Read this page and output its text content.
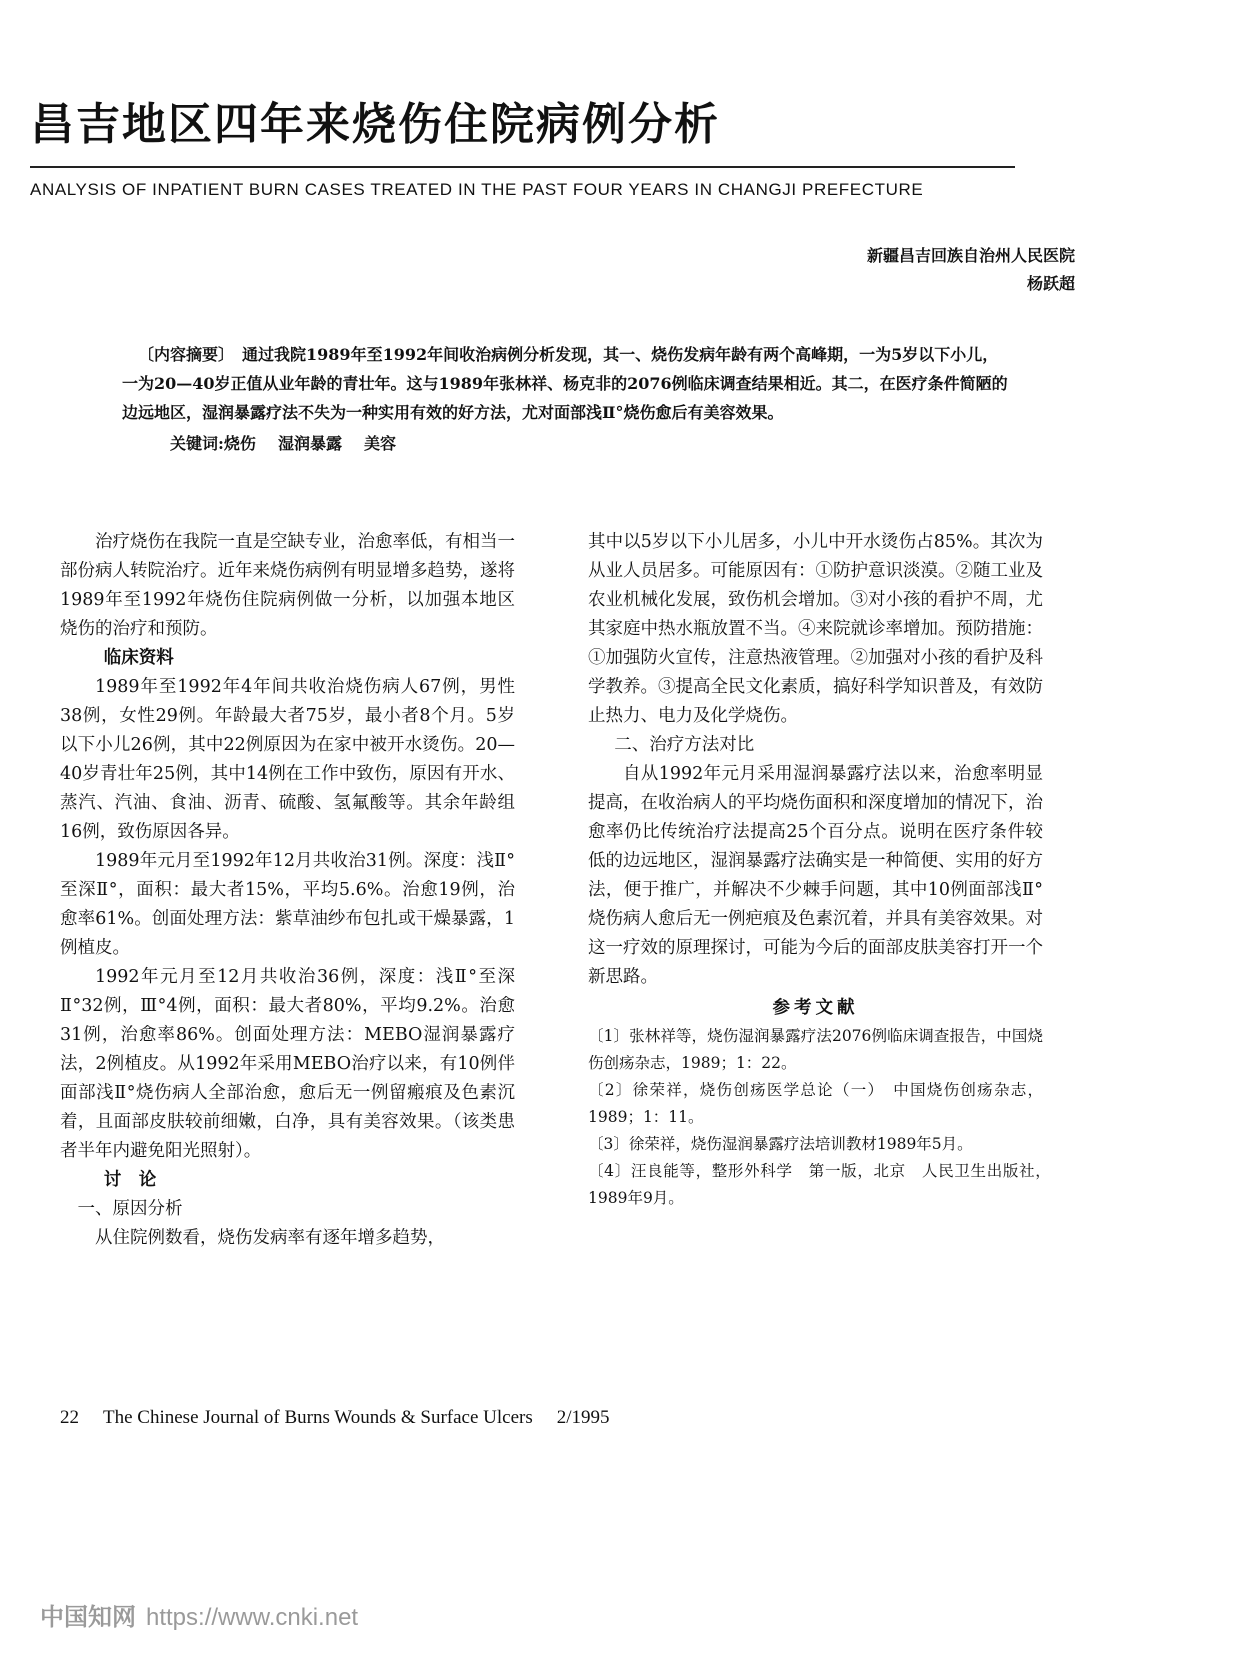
昌吉地区四年来烧伤住院病例分析
ANALYSIS OF INPATIENT BURN CASES TREATED IN THE PAST FOUR YEARS IN CHANGJI PREFECTURE
新疆昌吉回族自治州人民医院
杨跃超

〔内容摘要〕　 通过我院1989年至1992年间收治病例分析发现，其一、烧伤发病年龄有两个高峰期，一为5岁以下小儿，一为20—40岁正值从业年龄的青壮年。这与1989年张林祥、杨克非的2076例临床调查结果相近。其二，在医疗条件简陋的边远地区，湿润暴露疗法不失为一种实用有效的好方法，尤对面部浅Ⅱ°烧伤愈后有美容效果。

关键词:烧伤 湿润暴露 美容

治疗烧伤在我院一直是空缺专业，治愈率低，有相当一部份病人转院治疗。近年来烧伤病例有明显增多趋势，遂将1989年至1992年烧伤住院病例做一分析，以加强本地区烧伤的治疗和预防。

临床资料

1989年至1992年4年间共收治烧伤病人67例，男性38例，女性29例。年龄最大者75岁，最小者8个月。5岁以下小儿26例，其中22例原因为在家中被开水烫伤。20—40岁青壮年25例，其中14例在工作中致伤，原因有开水、蒸汽、汽油、食油、沥青、硫酸、氢氟酸等。其余年龄组16例，致伤原因各异。

1989年元月至1992年12月共收治31例。深度：浅Ⅱ°至深Ⅱ°，面积：最大者15%，平均5.6%。治愈19例，治愈率61%。创面处理方法：紫草油纱布包扎或干燥暴露，1例植皮。

1992年元月至12月共收治36例，深度：浅Ⅱ°至深Ⅱ°32例，Ⅲ°4例，面积：最大者80%，平均9.2%。治愈31例，治愈率86%。创面处理方法：MEBO湿润暴露疗法，2例植皮。从1992年采用MEBO治疗以来，有10例伴面部浅Ⅱ°烧伤病人全部治愈，愈后无一例留瘢痕及色素沉着，且面部皮肤较前细嫩，白净，具有美容效果。（该类患者半年内避免阳光照射）。

讨　论

一、原因分析

从住院例数看，烧伤发病率有逐年增多趋势，

其中以5岁以下小儿居多，小儿中开水烫伤占85%。其次为从业人员居多。可能原因有：①防护意识淡漠。②随工业及农业机械化发展，致伤机会增加。③对小孩的看护不周，尤其家庭中热水瓶放置不当。④来院就诊率增加。预防措施：①加强防火宣传，注意热液管理。②加强对小孩的看护及科学教养。③提高全民文化素质，搞好科学知识普及，有效防止热力、电力及化学烧伤。

二、治疗方法对比

自从1992年元月采用湿润暴露疗法以来，治愈率明显提高，在收治病人的平均烧伤面积和深度增加的情况下，治愈率仍比传统治疗法提高25个百分点。说明在医疗条件较低的边远地区，湿润暴露疗法确实是一种简便、实用的好方法，便于推广，并解决不少棘手问题，其中10例面部浅Ⅱ°烧伤病人愈后无一例疤痕及色素沉着，并具有美容效果。对这一疗效的原理探讨，可能为今后的面部皮肤美容打开一个新思路。

参考文献

〔1〕张林祥等，烧伤湿润暴露疗法2076例临床调查报告，中国烧伤创疡杂志，1989；1：22。

〔2〕徐荣祥，烧伤创疡医学总论（一）　中国烧伤创疡杂志，1989；1：11。

〔3〕徐荣祥，烧伤湿润暴露疗法培训教材1989年5月。

〔4〕汪良能等，整形外科学　第一版，北京　人民卫生出版社，　1989年9月。

22 The Chinese Journal of Burns Wounds & Surface Ulcers 2/1995
中国知网 https://www.cnki.net
